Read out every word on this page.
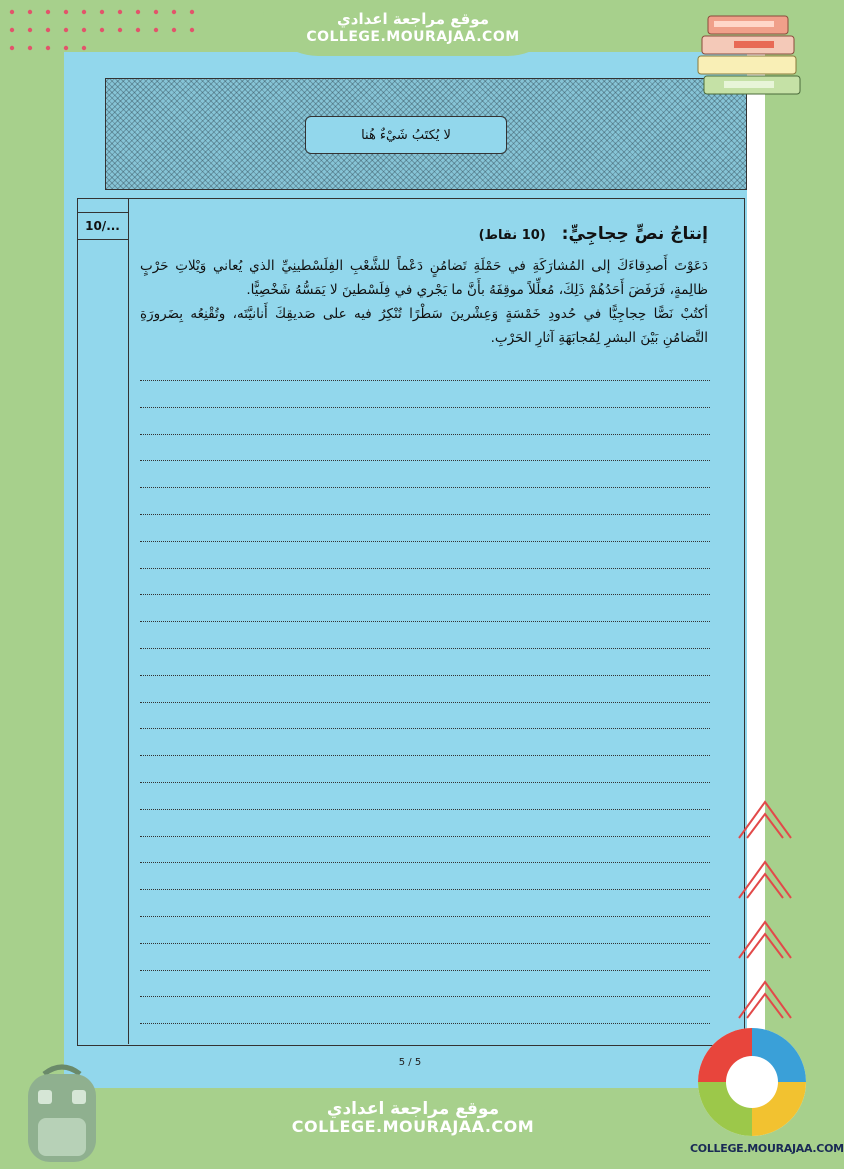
لا يُكتَبُ شَيْءٌ هُنا
10/...	إنتاجُ نصٍّ حِجاجِيٍّ: (10 نقاط)

دَعَوْتَ أَصدِقاءَكَ إلى المُشارَكَةِ في حَمْلَةِ تَضامُنٍ دَعْماً للشَّعْبِ الفِلَسْطينِيِّ الذي يُعاني وَيْلاتِ حَرْبٍ ظالِمةٍ، فَرَفَضَ أَحَدُهُمْ ذَلِكَ، مُعلِّلاً موقِفَهُ بأَنَّ ما يَجْري في فِلَسْطينَ لا يَمَسُّهُ شَخْصِيًّا.

أكتُبْ نَصًّا حِجاجِيًّا في حُدودِ خَمْسَةٍ وَعِشْرينَ سَطْرًا تُنْكِرُ فيه على صَديقِكَ أَنانيَّتَه، وتُقْنِعُه بِضَرورَةِ التَّضامُنِ بَيْنَ البشرِ لِمُجابَهَةِ آثارِ الحَرْبِ.

5 / 5
موقع مراجعة اعدادي
COLLEGE.MOURAJAA.COM
موقع مراجعة اعدادي
COLLEGE.MOURAJAA.COM
COLLEGE.MOURAJAA.COM
